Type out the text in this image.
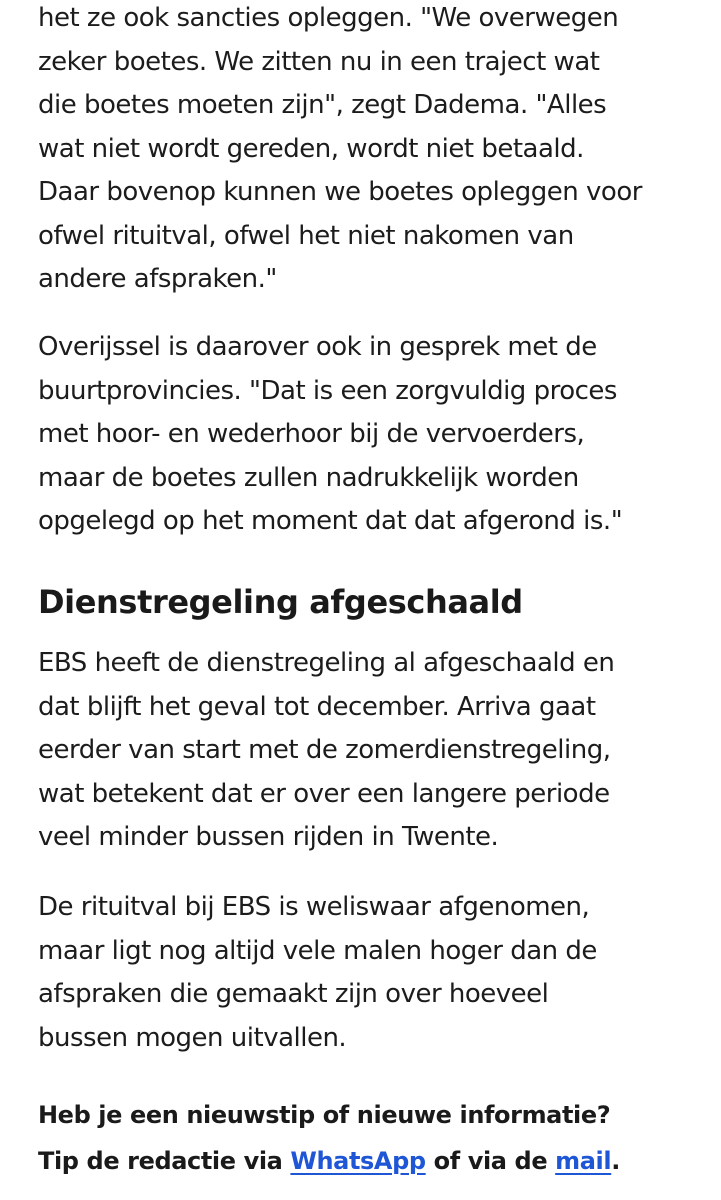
het ze ook sancties opleggen. "We overwegen
zeker boetes. We zitten nu in een traject wat
die boetes moeten zijn", zegt Dadema. "Alles
wat niet wordt gereden, wordt niet betaald.
Daar bovenop kunnen we boetes opleggen voor
ofwel rituitval, ofwel het niet nakomen van
andere afspraken."

Overijssel is daarover ook in gesprek met de
buurtprovincies. "Dat is een zorgvuldig proces
met hoor- en wederhoor bij de vervoerders,
maar de boetes zullen nadrukkelijk worden
opgelegd op het moment dat dat afgerond is."

Dienstregeling afgeschaald

EBS heeft de dienstregeling al afgeschaald en
dat blijft het geval tot december. Arriva gaat
eerder van start met de zomerdienstregeling,
wat betekent dat er over een langere periode
veel minder bussen rijden in Twente.

De rituitval bij EBS is weliswaar afgenomen,
maar ligt nog altijd vele malen hoger dan de
afspraken die gemaakt zijn over hoeveel
bussen mogen uitvallen.

Heb je een nieuwstip of nieuwe informatie?
Tip de redactie via WhatsApp of via de mail.
